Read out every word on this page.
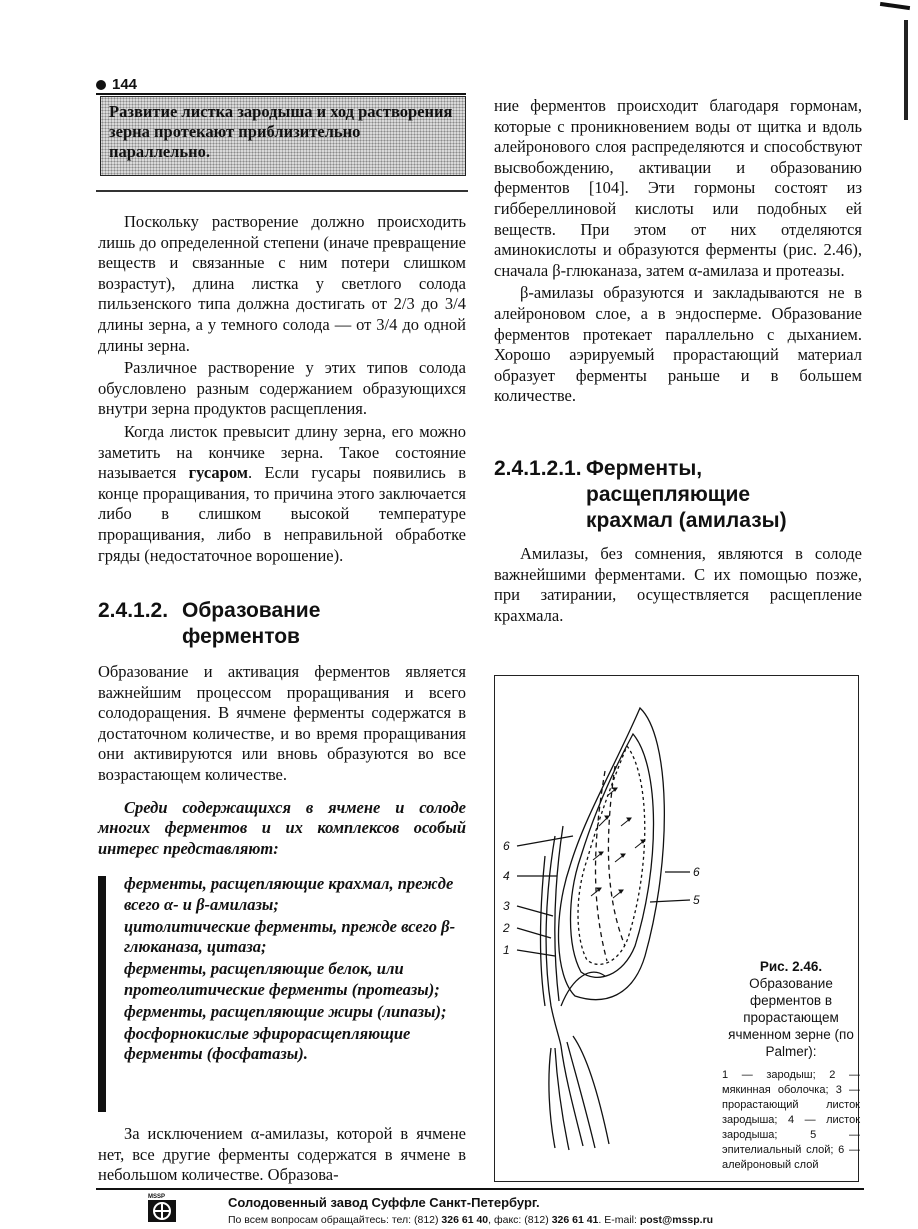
144

Развитие листка зародыша и ход растворения зерна протекают приблизительно параллельно.

Поскольку растворение должно происходить лишь до определенной степени (иначе превращение веществ и связанные с ним потери слишком возрастут), длина листка у светлого солода пильзенского типа должна достигать от 2/3 до 3/4 длины зерна, а у темного солода — от 3/4 до одной длины зерна.

Различное растворение у этих типов солода обусловлено разным содержанием образующихся внутри зерна продуктов расщепления.

Когда листок превысит длину зерна, его можно заметить на кончике зерна. Такое состояние называется гусаром. Если гусары появились в конце проращивания, то причина этого заключается либо в слишком высокой температуре проращивания, либо в неправильной обработке гряды (недостаточное ворошение).

2.4.1.2. Образование
ферментов

Образование и активация ферментов является важнейшим процессом проращивания и всего солодоращения. В ячмене ферменты содержатся в достаточном количестве, и во время проращивания они активируются или вновь образуются во все возрастающем количестве.

Среди содержащихся в ячмене и солоде многих ферментов и их комплексов особый интерес представляют:

ферменты, расщепляющие крахмал, прежде всего α- и β-амилазы;

цитолитические ферменты, прежде всего β-глюканаза, цитаза;

ферменты, расщепляющие белок, или протеолитические ферменты (протеазы);

ферменты, расщепляющие жиры (липазы);

фосфорнокислые эфирорасщепляющие ферменты (фосфатазы).

За исключением α-амилазы, которой в ячмене нет, все другие ферменты содержатся в ячмене в небольшом количестве. Образова-

ние ферментов происходит благодаря гормонам, которые с проникновением воды от щитка и вдоль алейронового слоя распределяются и способствуют высвобождению, активации и образованию ферментов [104]. Эти гормоны состоят из гиббереллиновой кислоты или подобных ей веществ. При этом от них отделяются аминокислоты и образуются ферменты (рис. 2.46), сначала β-глюканаза, затем α-амилаза и протеазы.

β-амилазы образуются и закладываются не в алейроновом слое, а в эндосперме. Образование ферментов протекает параллельно с дыханием. Хорошо аэрируемый прорастающий материал образует ферменты раньше и в большем количестве.

2.4.1.2.1. Ферменты,
расщепляющие
крахмал (амилазы)

Амилазы, без сомнения, являются в солоде важнейшими ферментами. С их помощью позже, при затирании, осуществляется расщепление крахмала.

6
4
3
2
1
6
5
Рис. 2.46. Образование ферментов в прорастающем ячменном зерне (по Palmer):
1 — зародыш; 2 — мякинная оболочка; 3 — прорастающий листок зародыша; 4 — листок зародыша; 5 — эпителиальный слой; 6 — алейроновый слой
MSSP	Солодовенный завод Суффле Санкт-Петербург.
По всем вопросам обращайтесь: тел: (812) 326 61 40, факс: (812) 326 61 41. E-mail: post@mssp.ru
